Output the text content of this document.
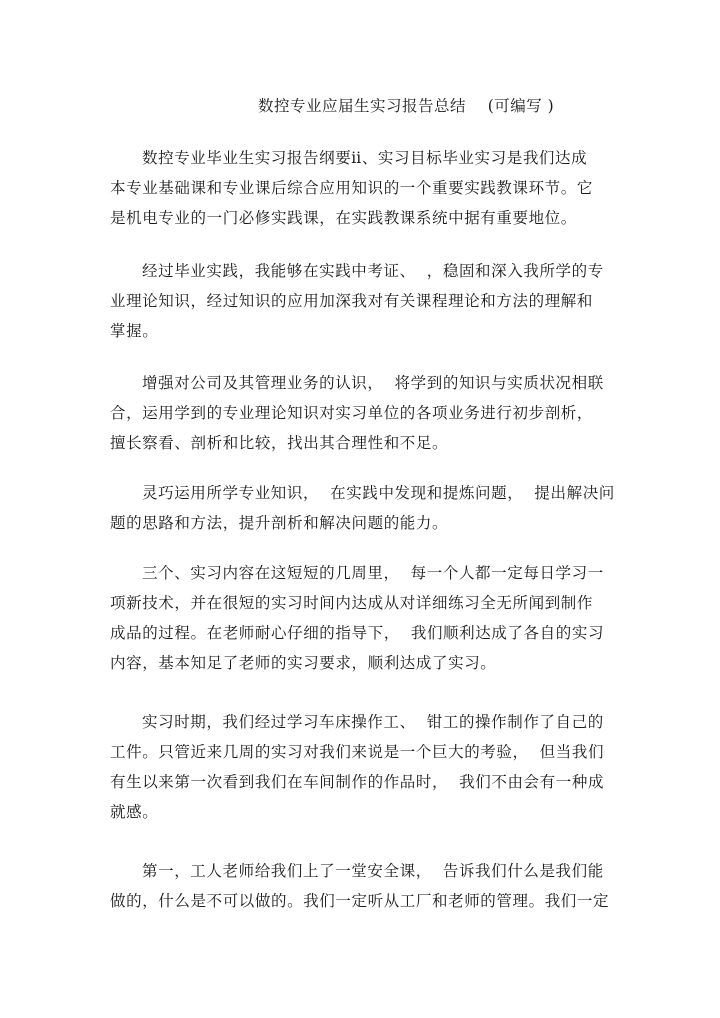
数控专业应届生实习报告总结    (可编写 )
数控专业毕业生实习报告纲要ⅱ、实习目标毕业实习是我们达成
本专业基础课和专业课后综合应用知识的一个重要实践教课环节。它
是机电专业的一门必修实践课，在实践教课系统中据有重要地位。
经过毕业实践，我能够在实践中考证、  ，稳固和深入我所学的专
业理论知识，经过知识的应用加深我对有关课程理论和方法的理解和
掌握。
增强对公司及其管理业务的认识，  将学到的知识与实质状况相联
合，运用学到的专业理论知识对实习单位的各项业务进行初步剖析，
擅长察看、剖析和比较，找出其合理性和不足。
灵巧运用所学专业知识，  在实践中发现和提炼问题，  提出解决问
题的思路和方法，提升剖析和解决问题的能力。
三个、实习内容在这短短的几周里，  每一个人都一定每日学习一
项新技术，并在很短的实习时间内达成从对详细练习全无所闻到制作
成品的过程。在老师耐心仔细的指导下，  我们顺利达成了各自的实习
内容，基本知足了老师的实习要求，顺利达成了实习。
实习时期，我们经过学习车床操作工、  钳工的操作制作了自己的
工件。只管近来几周的实习对我们来说是一个巨大的考验，  但当我们
有生以来第一次看到我们在车间制作的作品时，  我们不由会有一种成
就感。
第一，工人老师给我们上了一堂安全课，  告诉我们什么是我们能
做的，什么是不可以做的。我们一定听从工厂和老师的管理。我们一定
